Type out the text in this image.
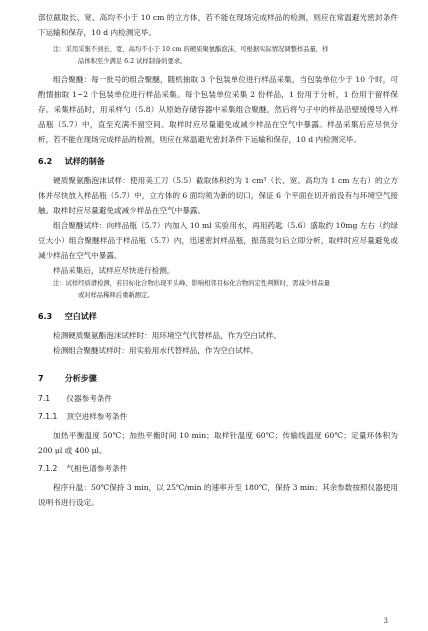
部位截取长、宽、高均不小于 10 cm 的立方体，若不能在现场完成样品的检测，则应在常温避光密封条件下运输和保存，10 d 内检测完毕。

注：采用采集不到长、宽、高均不小于 10 cm 的硬质聚氨酯泡沫，可根据实际情况调整样品量，样
品体积至少满足 6.2 试样制备的要求。

组合聚醚：每一批号的组合聚醚，随机抽取 3 个包装单位进行样品采集，当包装单位少于 10 个时，可酌情抽取 1~2 个包装单位进行样品采集。每个包装单位采集 2 份样品，1 份用于分析，1 份用于留样保存。采集样品时，用采样勺（5.8）从原始存储容器中采集组合聚醚，然后将勺子中的样品沿壁缓慢导入样品瓶（5.7）中，直至充满不留空间。取样时应尽量避免或减少样品在空气中暴露。样品采集后应尽快分析，若不能在现场完成样品的检测，则应在常温避光密封条件下运输和保存，10 d 内检测完毕。

6.2 试样的制备

硬质聚氨酯泡沫试样：使用美工刀（5.5）截取体积约为 1 cm³（长、宽、高均为 1 cm 左右）的立方体并尽快放入样品瓶（5.7）中，立方体的 6 面均须为新的切口，保证 6 个平面在切开前没有与环境空气接触。取样时应尽量避免或减少样品在空气中暴露。

组合聚醚试样：向样品瓶（5.7）内加入 10 ml 实验用水，再用药匙（5.6）盛取约 10mg 左右（约绿豆大小）组合聚醚样品于样品瓶（5.7）内，迅速密封样品瓶，振荡混匀后立即分析，取样时应尽量避免或减少样品在空气中暴露。

样品采集后，试样应尽快进行检测。

注：试样经质谱检测，若目标化合物出现平头峰，影响相邻目标化合物的定性判断时，需减少样品量
或对样品稀释后重新测定。
6.3 空白试样

检测硬质聚氨酯泡沫试样时：用环境空气代替样品，作为空白试样。

检测组合聚醚试样时：用实验用水代替样品，作为空白试样。

7	分析步骤
7.1 仪器参考条件
7.1.1 顶空进样参考条件

加热平衡温度 50℃；加热平衡时间 10 min；取样针温度 60℃；传输线温度 60℃；定量环体积为 200 μl 或 400 μl。

7.1.2 气相色谱参考条件

程序升温：50℃保持 3 min，以 25℃/min 的速率升至 180℃，保持 3 min；其余参数按照仪器使用说明书进行设定。

3
